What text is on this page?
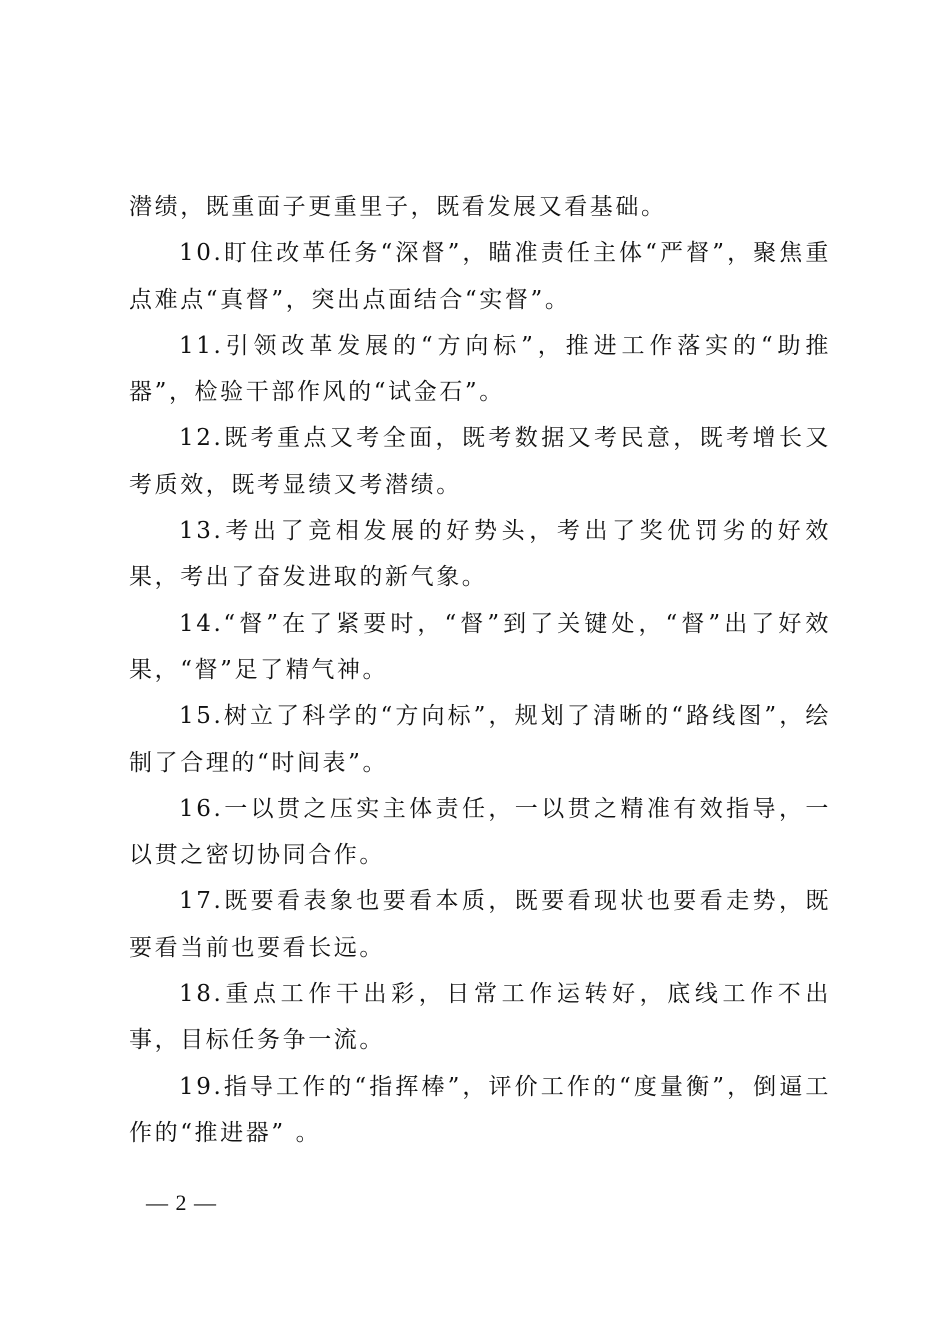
潜绩，既重面子更重里子，既看发展又看基础。

10.盯住改革任务“深督”，瞄准责任主体“严督”，聚焦重点难点“真督”，突出点面结合“实督”。

11.引领改革发展的“方向标”，推进工作落实的“助推器”，检验干部作风的“试金石”。

12.既考重点又考全面，既考数据又考民意，既考增长又考质效，既考显绩又考潜绩。

13.考出了竞相发展的好势头，考出了奖优罚劣的好效果，考出了奋发进取的新气象。

14.“督”在了紧要时，“督”到了关键处，“督”出了好效果，“督”足了精气神。

15.树立了科学的“方向标”，规划了清晰的“路线图”，绘制了合理的“时间表”。

16.一以贯之压实主体责任，一以贯之精准有效指导，一以贯之密切协同合作。

17.既要看表象也要看本质，既要看现状也要看走势，既要看当前也要看长远。

18.重点工作干出彩，日常工作运转好，底线工作不出事，目标任务争一流。

19.指导工作的“指挥棒”，评价工作的“度量衡”，倒逼工作的“推进器” 。

— 2 —
